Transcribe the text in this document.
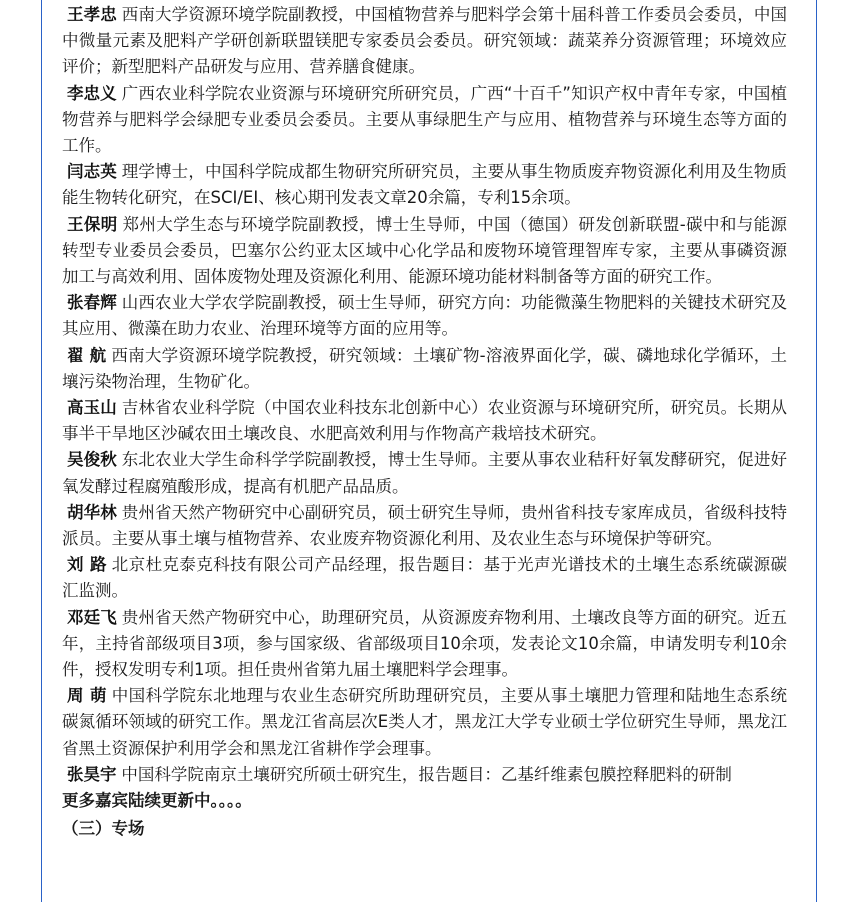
王孝忠 西南大学资源环境学院副教授，中国植物营养与肥料学会第十届科普工作委员会委员，中国中微量元素及肥料产学研创新联盟镁肥专家委员会委员。研究领域：蔬菜养分资源管理；环境效应评价；新型肥料产品研发与应用、营养膳食健康。
李忠义 广西农业科学院农业资源与环境研究所研究员，广西“十百千”知识产权中青年专家，中国植物营养与肥料学会绿肥专业委员会委员。主要从事绿肥生产与应用、植物营养与环境生态等方面的工作。
闫志英 理学博士，中国科学院成都生物研究所研究员，主要从事生物质废弃物资源化利用及生物质能生物转化研究，在SCI/EI、核心期刊发表文章20余篇，专利15余项。
王保明 郑州大学生态与环境学院副教授，博士生导师，中国（德国）研发创新联盟-碳中和与能源转型专业委员会委员，巴塞尔公约亚太区域中心化学品和废物环境管理智库专家，主要从事磷资源加工与高效利用、固体废物处理及资源化利用、能源环境功能材料制备等方面的研究工作。
张春辉 山西农业大学农学院副教授，硕士生导师，研究方向：功能微藻生物肥料的关键技术研究及其应用、微藻在助力农业、治理环境等方面的应用等。
翟 航 西南大学资源环境学院教授，研究领域：土壤矿物-溶液界面化学，碳、磷地球化学循环，土壤污染物治理，生物矿化。
高玉山 吉林省农业科学院（中国农业科技东北创新中心）农业资源与环境研究所，研究员。长期从事半干旱地区沙碱农田土壤改良、水肥高效利用与作物高产栽培技术研究。
吴俊秋 东北农业大学生命科学学院副教授，博士生导师。主要从事农业秸秆好氧发酵研究，促进好氧发酵过程腐殖酸形成，提高有机肥产品品质。
胡华林 贵州省天然产物研究中心副研究员，硕士研究生导师，贵州省科技专家库成员，省级科技特派员。主要从事土壤与植物营养、农业废弃物资源化利用、及农业生态与环境保护等研究。
刘 路 北京杜克泰克科技有限公司产品经理，报告题目：基于光声光谱技术的土壤生态系统碳源碳汇监测。
邓廷飞 贵州省天然产物研究中心，助理研究员，从资源废弃物利用、土壤改良等方面的研究。近五年，主持省部级项目3项，参与国家级、省部级项目10余项，发表论文10余篇，申请发明专利10余件，授权发明专利1项。担任贵州省第九届土壤肥料学会理事。
周 萌 中国科学院东北地理与农业生态研究所助理研究员，主要从事土壤肥力管理和陆地生态系统碳氮循环领域的研究工作。黑龙江省高层次E类人才，黑龙江大学专业硕士学位研究生导师，黑龙江省黑土资源保护利用学会和黑龙江省耕作学会理事。
张昊宇 中国科学院南京土壤研究所硕士研究生，报告题目：乙基纤维素包膜控释肥料的研制
更多嘉宾陆续更新中。。。。
（三）专场
